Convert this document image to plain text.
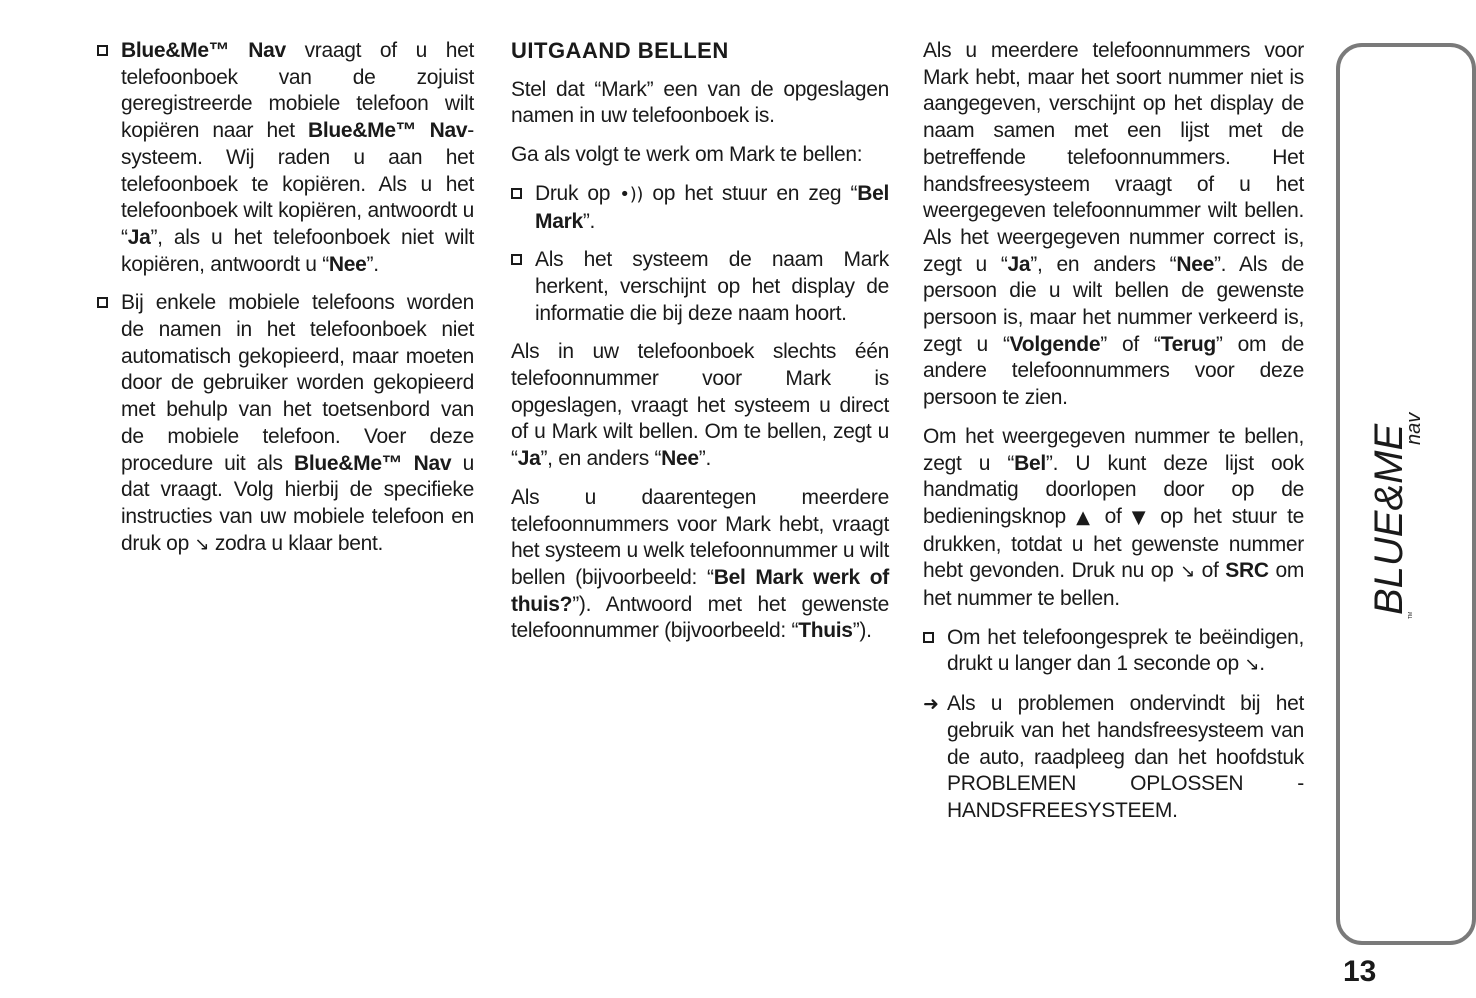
Blue&Me™ Nav vraagt of u het telefoonboek van de zojuist geregistreerde mobiele telefoon wilt kopiëren naar het Blue&Me™ Nav-systeem. Wij raden u aan het telefoonboek te kopiëren. Als u het telefoonboek wilt kopiëren, antwoordt u “Ja”, als u het telefoonboek niet wilt kopiëren, antwoordt u “Nee”.
Bij enkele mobiele telefoons worden de namen in het telefoonboek niet automatisch gekopieerd, maar moeten door de gebruiker worden gekopieerd met behulp van het toetsenbord van de mobiele telefoon. Voer deze procedure uit als Blue&Me™ Nav u dat vraagt. Volg hierbij de specifieke instructies van uw mobiele telefoon en druk op ↘ zodra u klaar bent.

UITGAAND BELLEN

Stel dat “Mark” een van de opgeslagen namen in uw telefoonboek is.

Ga als volgt te werk om Mark te bellen:

Druk op •)) op het stuur en zeg “Bel Mark”.
Als het systeem de naam Mark herkent, verschijnt op het display de informatie die bij deze naam hoort.

Als in uw telefoonboek slechts één telefoonnummer voor Mark is opgeslagen, vraagt het systeem u direct of u Mark wilt bellen. Om te bellen, zegt u “Ja”, en anders “Nee”.

Als u daarentegen meerdere telefoonnummers voor Mark hebt, vraagt het systeem u welk telefoonnummer u wilt bellen (bijvoorbeeld: “Bel Mark werk of thuis?”). Antwoord met het gewenste telefoonnummer (bijvoorbeeld: “Thuis”).

Als u meerdere telefoonnummers voor Mark hebt, maar het soort nummer niet is aangegeven, verschijnt op het display de naam samen met een lijst met de betreffende telefoonnummers. Het handsfreesysteem vraagt of u het weergegeven telefoonnummer wilt bellen. Als het weergegeven nummer correct is, zegt u “Ja”, en anders “Nee”. Als de persoon die u wilt bellen de gewenste persoon is, maar het nummer verkeerd is, zegt u “Volgende” of “Terug” om de andere telefoonnummers voor deze persoon te zien.

Om het weergegeven nummer te bellen, zegt u “Bel”. U kunt deze lijst ook handmatig doorlopen door op de bedieningsknop ▲ of ▼ op het stuur te drukken, totdat u het gewenste nummer hebt gevonden. Druk nu op ↘ of SRC om het nummer te bellen.

Om het telefoongesprek te beëindigen, drukt u langer dan 1 seconde op ↘.
➜ Als u problemen ondervindt bij het gebruik van het handsfreesysteem van de auto, raadpleeg dan het hoofdstuk PROBLEMEN OPLOSSEN - HANDSFREESYSTEEM.
BLUE&ME
nav
TM
13
